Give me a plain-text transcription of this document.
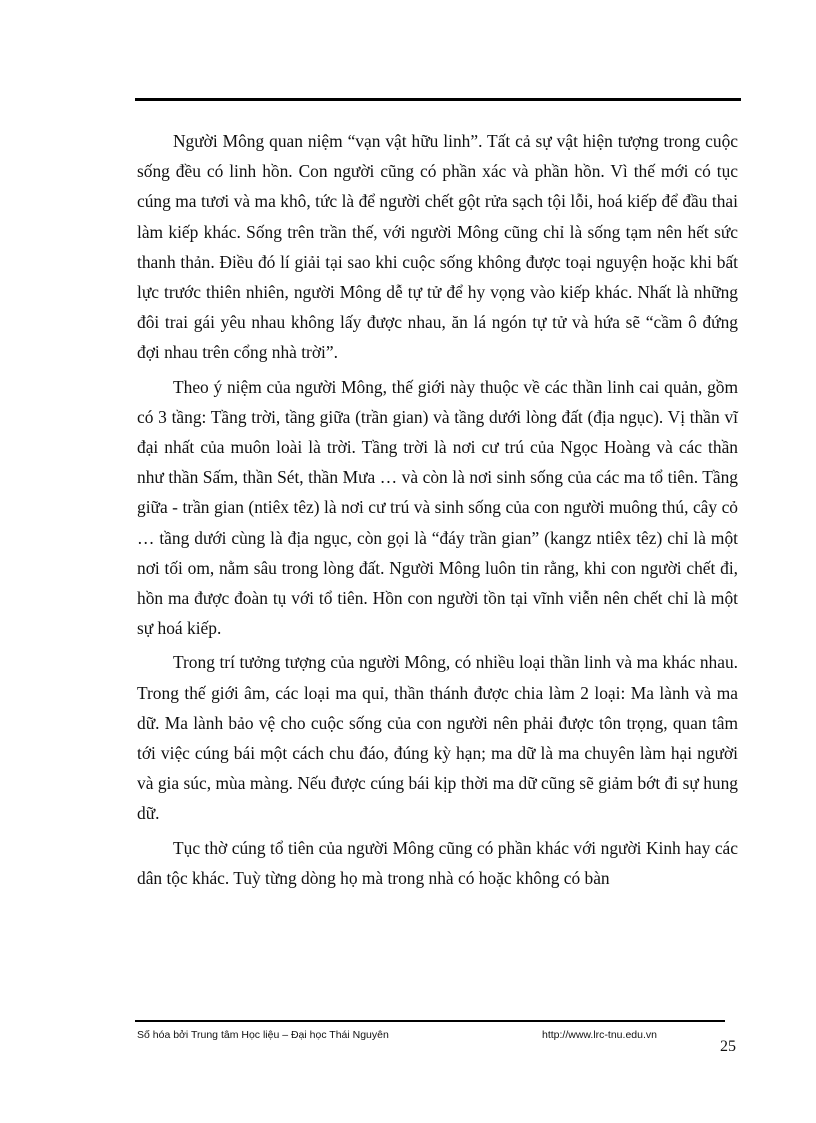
Người Mông quan niệm “vạn vật hữu linh”. Tất cả sự vật hiện tượng trong cuộc sống đều có linh hồn. Con người cũng có phần xác và phần hồn. Vì thế mới có tục cúng ma tươi và ma khô, tức là để người chết gột rửa sạch tội lỗi, hoá kiếp để đầu thai làm kiếp khác. Sống trên trần thế, với người Mông cũng chỉ là sống tạm nên hết sức thanh thản. Điều đó lí giải tại sao khi cuộc sống không được toại nguyện hoặc khi bất lực trước thiên nhiên, người Mông dễ tự tử để hy vọng vào kiếp khác. Nhất là những đôi trai gái yêu nhau không lấy được nhau, ăn lá ngón tự tử và hứa sẽ “cầm ô đứng đợi nhau trên cổng nhà trời”.

Theo ý niệm của người Mông, thế giới này thuộc về các thần linh cai quản, gồm có 3 tầng: Tầng trời, tầng giữa (trần gian) và tầng dưới lòng đất (địa ngục). Vị thần vĩ đại nhất của muôn loài là trời. Tầng trời là nơi cư trú của Ngọc Hoàng và các thần như thần Sấm, thần Sét, thần Mưa … và còn là nơi sinh sống của các ma tổ tiên. Tầng giữa - trần gian (ntiêx têz) là nơi cư trú và sinh sống của con người muông thú, cây cỏ … tầng dưới cùng là địa ngục, còn gọi là “đáy trần gian” (kangz ntiêx têz) chỉ là một nơi tối om, nằm sâu trong lòng đất. Người Mông luôn tin rằng, khi con người chết đi, hồn ma được đoàn tụ với tổ tiên. Hồn con người tồn tại vĩnh viễn nên chết chỉ là một sự hoá kiếp.

Trong trí tưởng tượng của người Mông, có nhiều loại thần linh và ma khác nhau. Trong thế giới âm, các loại ma quỉ, thần thánh được chia làm 2 loại: Ma lành và ma dữ. Ma lành bảo vệ cho cuộc sống của con người nên phải được tôn trọng, quan tâm tới việc cúng bái một cách chu đáo, đúng kỳ hạn; ma dữ là ma chuyên làm hại người và gia súc, mùa màng. Nếu được cúng bái kịp thời ma dữ cũng sẽ giảm bớt đi sự hung dữ.

Tục thờ cúng tổ tiên của người Mông cũng có phần khác với người Kinh hay các dân tộc khác. Tuỳ từng dòng họ mà trong nhà có hoặc không có bàn

Số hóa bởi Trung tâm Học liệu – Đại học Thái Nguyên	http://www.lrc-tnu.edu.vn
25
